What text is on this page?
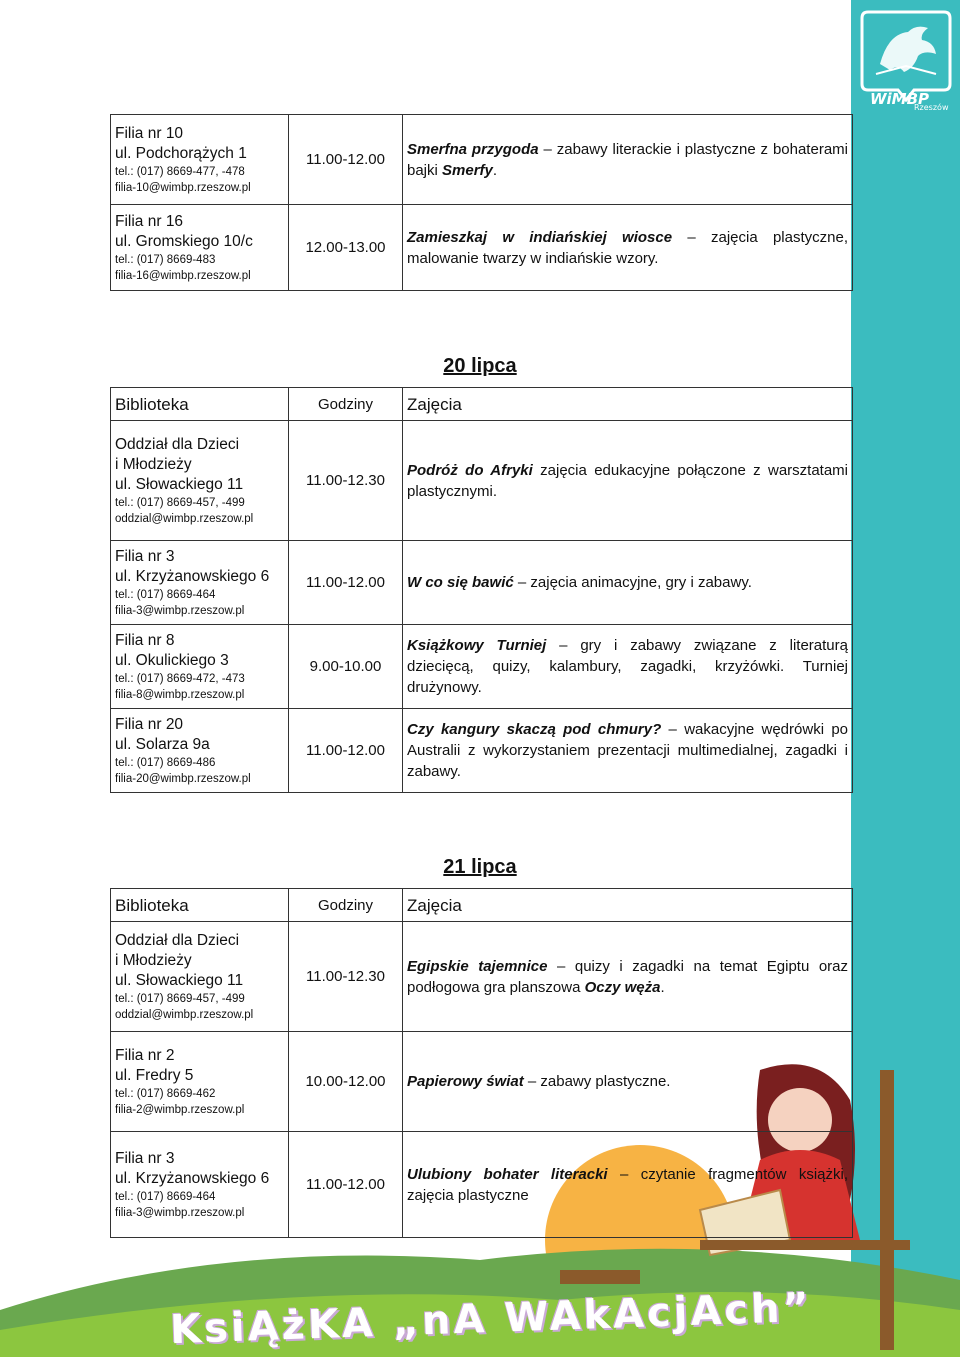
WiMBP
Rzeszów
Filia nr 10
ul. Podchorążych 1
tel.: (017) 8669-477, -478
filia-10@wimbp.rzeszow.pl	11.00-12.00	Smerfna przygoda – zabawy literackie i plastyczne z bohaterami bajki Smerfy.

Filia nr 16
ul. Gromskiego 10/c
tel.: (017) 8669-483
filia-16@wimbp.rzeszow.pl	12.00-13.00	Zamieszkaj w indiańskiej wiosce – zajęcia plastyczne, malowanie twarzy w indiańskie wzory.
20 lipca
Biblioteka	Godziny	Zajęcia

Oddział dla Dzieci
i Młodzieży
ul. Słowackiego 11
tel.: (017) 8669-457, -499
oddzial@wimbp.rzeszow.pl	11.00-12.30	Podróż do Afryki zajęcia edukacyjne połączone z warsztatami plastycznymi.

Filia nr 3
ul. Krzyżanowskiego 6
tel.: (017) 8669-464
filia-3@wimbp.rzeszow.pl	11.00-12.00	W co się bawić – zajęcia animacyjne, gry i zabawy.

Filia nr 8
ul. Okulickiego 3
tel.: (017) 8669-472, -473
filia-8@wimbp.rzeszow.pl	9.00-10.00	Książkowy Turniej – gry i zabawy związane z literaturą dziecięcą, quizy, kalambury, zagadki, krzyżówki. Turniej drużynowy.

Filia nr 20
ul. Solarza 9a
tel.: (017) 8669-486
filia-20@wimbp.rzeszow.pl	11.00-12.00	Czy kangury skaczą pod chmury? – wakacyjne wędrówki po Australii z wykorzystaniem prezentacji multimedialnej, zagadki i zabawy.
21 lipca
Biblioteka	Godziny	Zajęcia

Oddział dla Dzieci
i Młodzieży
ul. Słowackiego 11
tel.: (017) 8669-457, -499
oddzial@wimbp.rzeszow.pl	11.00-12.30	Egipskie tajemnice – quizy i zagadki na temat Egiptu oraz podłogowa gra planszowa Oczy węża.

Filia nr 2
ul. Fredry 5
tel.: (017) 8669-462
filia-2@wimbp.rzeszow.pl	10.00-12.00	Papierowy świat – zabawy plastyczne.

Filia nr 3
ul. Krzyżanowskiego 6
tel.: (017) 8669-464
filia-3@wimbp.rzeszow.pl	11.00-12.00	Ulubiony bohater literacki – czytanie fragmentów książki, zajęcia plastyczne
KsiĄżKA „nA WAkAcjAch”
